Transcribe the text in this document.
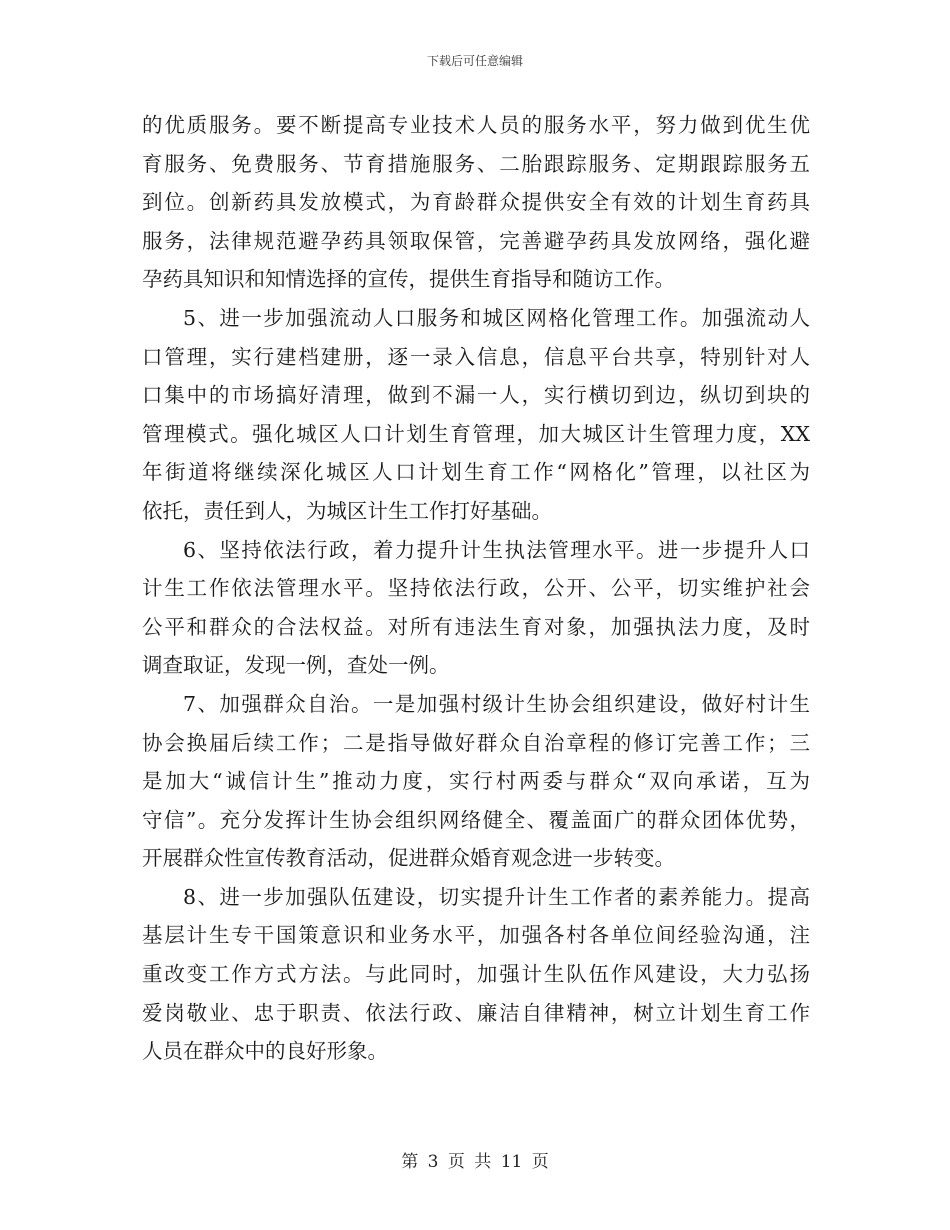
下载后可任意编辑
的优质服务。要不断提高专业技术人员的服务水平，努力做到优生优
育服务、免费服务、节育措施服务、二胎跟踪服务、定期跟踪服务五
到位。创新药具发放模式，为育龄群众提供安全有效的计划生育药具
服务，法律规范避孕药具领取保管，完善避孕药具发放网络，强化避
孕药具知识和知情选择的宣传，提供生育指导和随访工作。
5、进一步加强流动人口服务和城区网格化管理工作。加强流动人
口管理，实行建档建册，逐一录入信息，信息平台共享，特别针对人
口集中的市场搞好清理，做到不漏一人，实行横切到边，纵切到块的
管理模式。强化城区人口计划生育管理，加大城区计生管理力度，XX
年街道将继续深化城区人口计划生育工作“网格化”管理，以社区为
依托，责任到人，为城区计生工作打好基础。
6、坚持依法行政，着力提升计生执法管理水平。进一步提升人口
计生工作依法管理水平。坚持依法行政，公开、公平，切实维护社会
公平和群众的合法权益。对所有违法生育对象，加强执法力度，及时
调查取证，发现一例，查处一例。
7、加强群众自治。一是加强村级计生协会组织建设，做好村计生
协会换届后续工作；二是指导做好群众自治章程的修订完善工作；三
是加大“诚信计生”推动力度，实行村两委与群众“双向承诺，互为
守信”。充分发挥计生协会组织网络健全、覆盖面广的群众团体优势，
开展群众性宣传教育活动，促进群众婚育观念进一步转变。
8、进一步加强队伍建设，切实提升计生工作者的素养能力。提高
基层计生专干国策意识和业务水平，加强各村各单位间经验沟通，注
重改变工作方式方法。与此同时，加强计生队伍作风建设，大力弘扬
爱岗敬业、忠于职责、依法行政、廉洁自律精神，树立计划生育工作
人员在群众中的良好形象。
第 3 页 共 11 页
